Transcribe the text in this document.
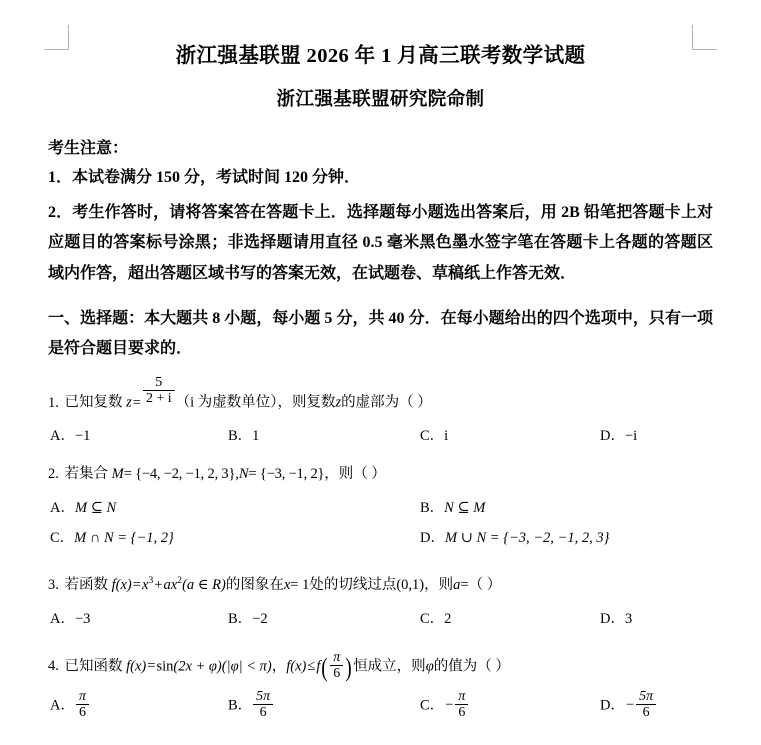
浙江强基联盟 2026 年 1 月高三联考数学试题
浙江强基联盟研究院命制
考生注意：
1．本试卷满分 150 分，考试时间 120 分钟．
2．考生作答时，请将答案答在答题卡上．选择题每小题选出答案后，用 2B 铅笔把答题卡上对应题目的答案标号涂黑；非选择题请用直径 0.5 毫米黑色墨水签字笔在答题卡上各题的答题区域内作答，超出答题区域书写的答案无效，在试题卷、草稿纸上作答无效．
一、选择题：本大题共 8 小题，每小题 5 分，共 40 分．在每小题给出的四个选项中，只有一项是符合题目要求的．
1. 已知复数 $z= \frac{5}{2 + i} (i$ 为虚数单位），则复数z的虚部为（ ）
A．−1	B．1	C．i	D．−i
2. 若集合 M= {−4, −2, −1, 2, 3},N= {−3, −1, 2}，则（ ）
A．M ⊆ N	B．N ⊆ M
C．M ∩ N = {−1, 2}	D．M ∪ N = {−3, −2, −1, 2, 3}
3. 若函数 $f(x)=x^3+ax^2(a$ ∈ R)的图象在x= 1处的切线过点(0,1)，则a=（ ）
A．−3	B．−2	C．2	D．3
4. 已知函数 f(x)=sin(2x + φ)(|φ| < π)，$f(x)\le f( \frac{\pi}{6}$ )恒成立，则φ的值为（ ）
A． $\frac{\pi}{6}$	B． $\frac{5\pi}{6}$	C．− $\frac{\pi}{6}$	D．− $\frac{5\pi}{6}$
